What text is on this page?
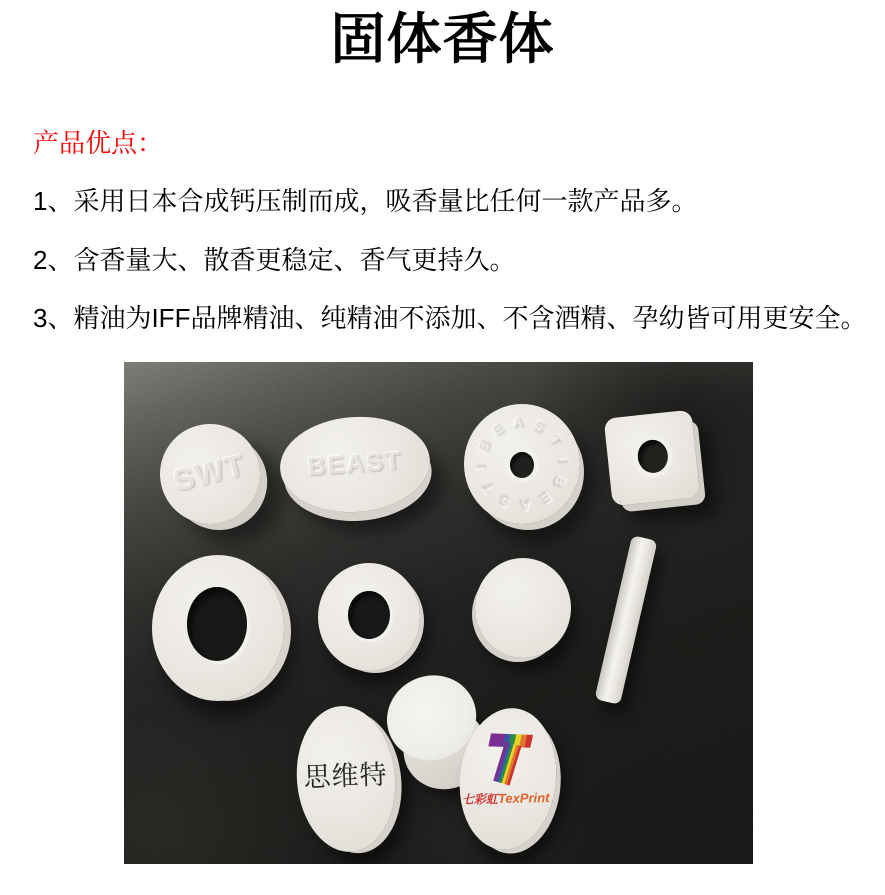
固体香体

产品优点：

1、采用日本合成钙压制而成，吸香量比任何一款产品多。

2、含香量大、散香更稳定、香气更持久。

3、精油为IFF品牌精油、纯精油不添加、不含酒精、孕幼皆可用更安全。

SWT BEAST
B
E A S
T
I
B
E
A
S
T
I
思维特
七彩虹TexPrint
